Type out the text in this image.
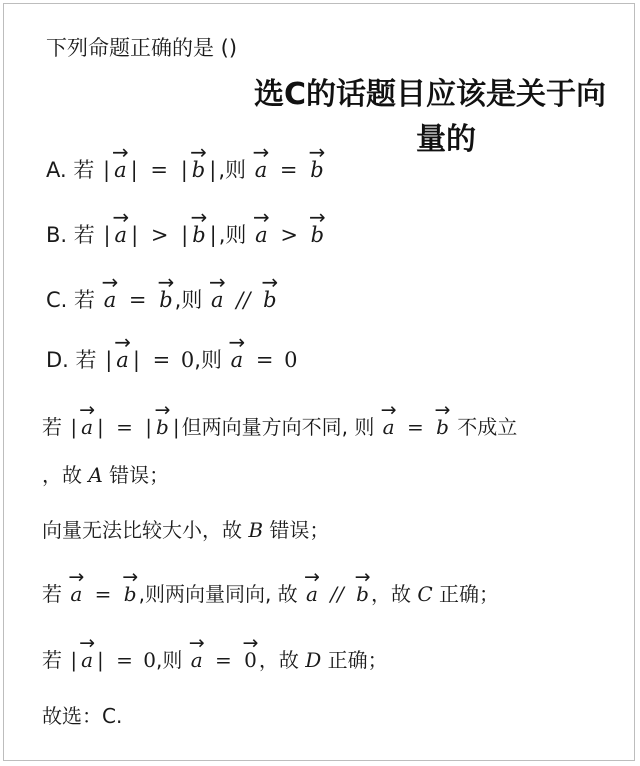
下列命题正确的是 ()
选C的话题目应该是关于向
量的
A. 若 | → a | = | → b |,则 → a = → b
B. 若 | → a | > | → b |,则 → a > → b
C. 若 → a = → b,则 → a // → b
D. 若 | → a | = 0,则 → a = 0
若 | → a | = | → b | 但两向量方向不同, 则 → a = → b 不成立
，故 A 错误；
向量无法比较大小，故 B 错误；
若 → a = → b ,则两向量同向, 故 → a // → b ，故 C 正确；
若 | → a | = 0,则 → a = → 0 ，故 D 正确；
故选：C.
